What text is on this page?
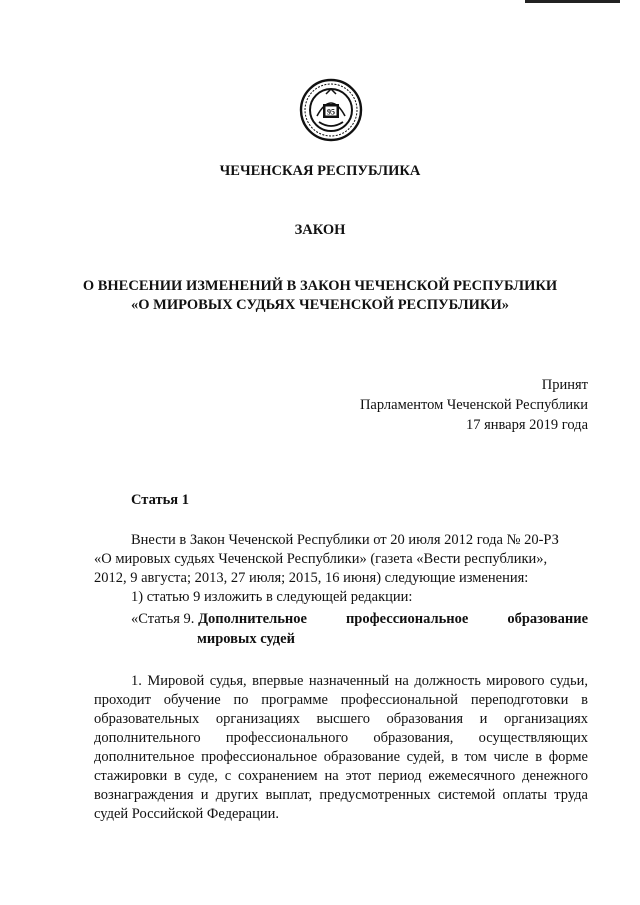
95
ЧЕЧЕНСКАЯ РЕСПУБЛИКА
ЗАКОН
О ВНЕСЕНИИ ИЗМЕНЕНИЙ В ЗАКОН ЧЕЧЕНСКОЙ РЕСПУБЛИКИ
«О МИРОВЫХ СУДЬЯХ ЧЕЧЕНСКОЙ РЕСПУБЛИКИ»
Принят
Парламентом Чеченской Республики
17 января 2019 года
Статья 1
Внести в Закон Чеченской Республики от 20 июля 2012 года № 20-РЗ
«О мировых судьях Чеченской Республики» (газета «Вести республики»,
2012, 9 августа; 2013, 27 июля; 2015, 16 июня) следующие изменения:
1) статью 9 изложить в следующей редакции:
«Статья 9. Дополнительное	профессиональное	образование
мировых судей
1. Мировой судья, впервые назначенный на должность мирового судьи,
проходит обучение по программе профессиональной переподготовки в
образовательных организациях высшего образования и организациях
дополнительного профессионального образования, осуществляющих
дополнительное профессиональное образование судей, в том числе в форме
стажировки в суде, с сохранением на этот период ежемесячного денежного
вознаграждения и других выплат, предусмотренных системой оплаты труда
судей Российской Федерации.
